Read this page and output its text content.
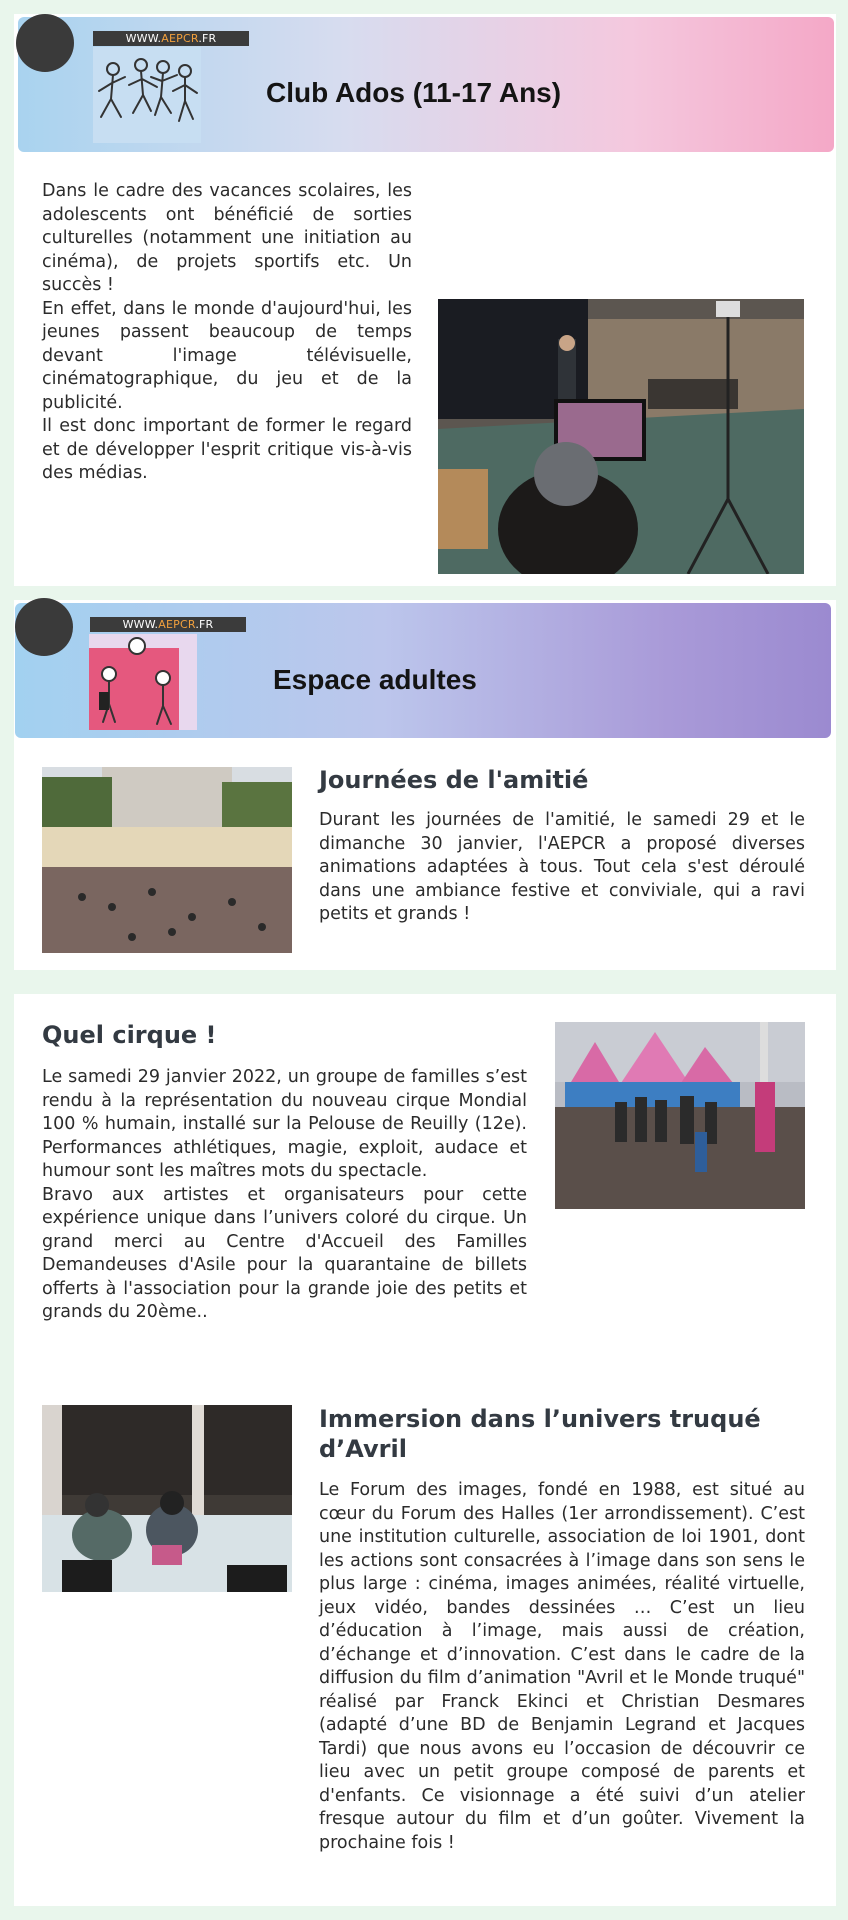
WWW.AEPCR.FR
Club Ados (11-17 Ans)

Dans le cadre des vacances scolaires, les adolescents ont bénéficié de sorties culturelles (notamment une initiation au cinéma), de projets sportifs etc. Un succès !

En effet, dans le monde d'aujourd'hui, les jeunes passent beaucoup de temps devant l'image télévisuelle, cinématographique, du jeu et de la publicité.

Il est donc important de former le regard et de développer l'esprit critique vis-à-vis des médias.

WWW.AEPCR.FR
Espace adultes
Journées de l'amitié
Durant les journées de l'amitié, le samedi 29 et le dimanche 30 janvier, l'AEPCR a proposé diverses animations adaptées à tous. Tout cela s'est déroulé dans une ambiance festive et conviviale, qui a ravi petits et grands !
Quel cirque !

Le samedi 29 janvier 2022, un groupe de familles s’est rendu à la représentation du nouveau cirque Mondial 100 % humain, installé sur la Pelouse de Reuilly (12e). Performances athlétiques, magie, exploit, audace et humour sont les maîtres mots du spectacle.

Bravo aux artistes et organisateurs pour cette expérience unique dans l’univers coloré du cirque. Un grand merci au Centre d'Accueil des Familles Demandeuses d'Asile pour la quarantaine de billets offerts à l'association pour la grande joie des petits et grands du 20ème..

Immersion dans l’univers truqué d’Avril
Le Forum des images, fondé en 1988, est situé au cœur du Forum des Halles (1er arrondissement). C’est une institution culturelle, association de loi 1901, dont les actions sont consacrées à l’image dans son sens le plus large : cinéma, images animées, réalité virtuelle, jeux vidéo, bandes dessinées … C’est un lieu d’éducation à l’image, mais aussi de création, d’échange et d’innovation. C’est dans le cadre de la diffusion du film d’animation "Avril et le Monde truqué" réalisé par Franck Ekinci et Christian Desmares (adapté d’une BD de Benjamin Legrand et Jacques Tardi) que nous avons eu l’occasion de découvrir ce lieu avec un petit groupe composé de parents et d'enfants. Ce visionnage a été suivi d’un atelier fresque autour du film et d’un goûter. Vivement la prochaine fois !
